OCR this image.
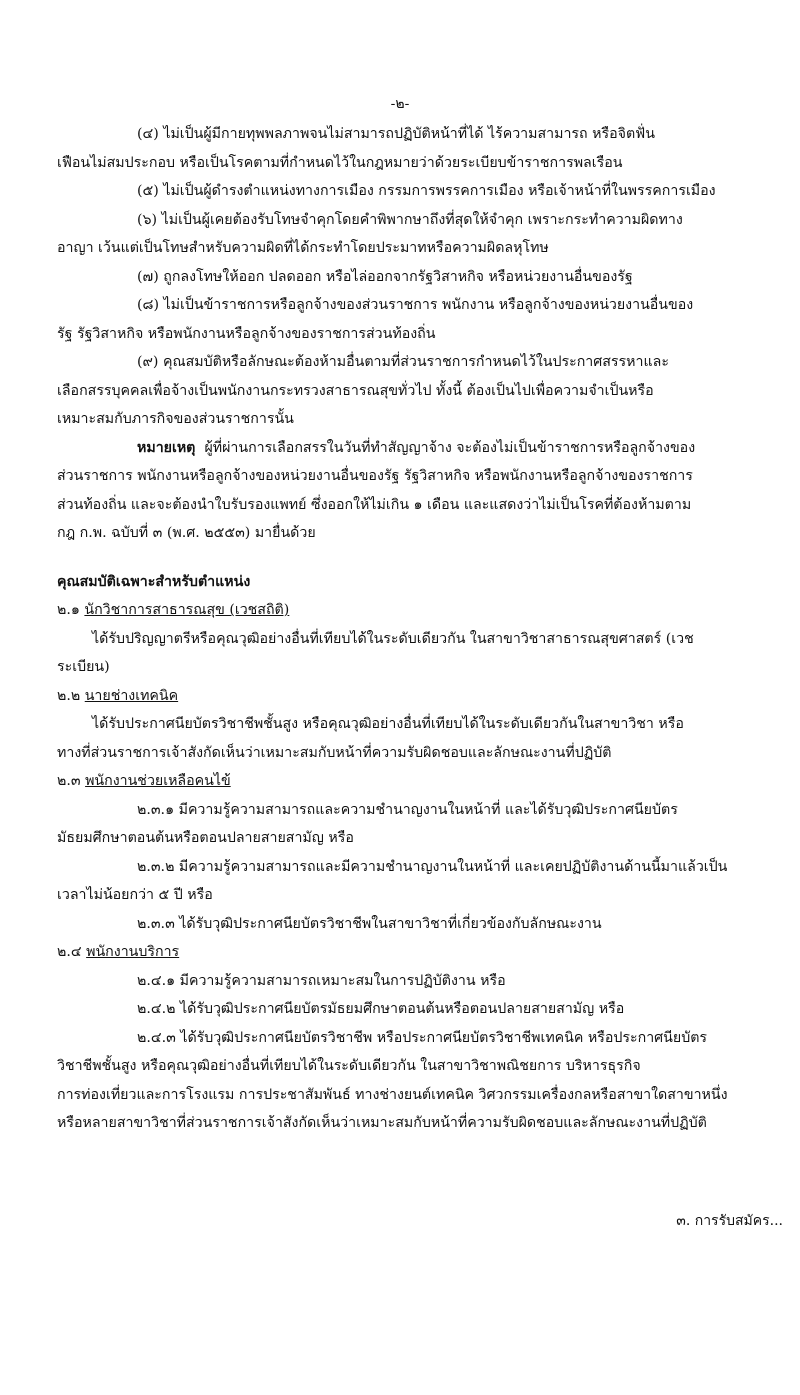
-๒-

(๔) ไม่เป็นผู้มีกายทุพพลภาพจนไม่สามารถปฏิบัติหน้าที่ได้ ไร้ความสามารถ หรือจิตฟั่น

เฟือนไม่สมประกอบ หรือเป็นโรคตามที่กำหนดไว้ในกฎหมายว่าด้วยระเบียบข้าราชการพลเรือน

(๕) ไม่เป็นผู้ดำรงตำแหน่งทางการเมือง กรรมการพรรคการเมือง หรือเจ้าหน้าที่ในพรรคการเมือง

(๖) ไม่เป็นผู้เคยต้องรับโทษจำคุกโดยคำพิพากษาถึงที่สุดให้จำคุก เพราะกระทำความผิดทาง

อาญา เว้นแต่เป็นโทษสำหรับความผิดที่ได้กระทำโดยประมาทหรือความผิดลหุโทษ

(๗) ถูกลงโทษให้ออก ปลดออก หรือไล่ออกจากรัฐวิสาหกิจ หรือหน่วยงานอื่นของรัฐ

(๘) ไม่เป็นข้าราชการหรือลูกจ้างของส่วนราชการ พนักงาน หรือลูกจ้างของหน่วยงานอื่นของ

รัฐ รัฐวิสาหกิจ หรือพนักงานหรือลูกจ้างของราชการส่วนท้องถิ่น

(๙) คุณสมบัติหรือลักษณะต้องห้ามอื่นตามที่ส่วนราชการกำหนดไว้ในประกาศสรรหาและ

เลือกสรรบุคคลเพื่อจ้างเป็นพนักงานกระทรวงสาธารณสุขทั่วไป ทั้งนี้ ต้องเป็นไปเพื่อความจำเป็นหรือ

เหมาะสมกับภารกิจของส่วนราชการนั้น

หมายเหตุ ผู้ที่ผ่านการเลือกสรรในวันที่ทำสัญญาจ้าง จะต้องไม่เป็นข้าราชการหรือลูกจ้างของ

ส่วนราชการ พนักงานหรือลูกจ้างของหน่วยงานอื่นของรัฐ รัฐวิสาหกิจ หรือพนักงานหรือลูกจ้างของราชการ

ส่วนท้องถิ่น และจะต้องนำใบรับรองแพทย์ ซึ่งออกให้ไม่เกิน ๑ เดือน และแสดงว่าไม่เป็นโรคที่ต้องห้ามตาม

กฎ ก.พ. ฉบับที่ ๓ (พ.ศ. ๒๕๕๓) มายื่นด้วย

คุณสมบัติเฉพาะสำหรับตำแหน่ง

๒.๑ นักวิชาการสาธารณสุข (เวชสถิติ)

ได้รับปริญญาตรีหรือคุณวุฒิอย่างอื่นที่เทียบได้ในระดับเดียวกัน ในสาขาวิชาสาธารณสุขศาสตร์ (เวช

ระเบียน)

๒.๒ นายช่างเทคนิค

ได้รับประกาศนียบัตรวิชาชีพชั้นสูง หรือคุณวุฒิอย่างอื่นที่เทียบได้ในระดับเดียวกันในสาขาวิชา หรือ

ทางที่ส่วนราชการเจ้าสังกัดเห็นว่าเหมาะสมกับหน้าที่ความรับผิดชอบและลักษณะงานที่ปฏิบัติ

๒.๓ พนักงานช่วยเหลือคนไข้

๒.๓.๑ มีความรู้ความสามารถและความชำนาญงานในหน้าที่ และได้รับวุฒิประกาศนียบัตร

มัธยมศึกษาตอนต้นหรือตอนปลายสายสามัญ หรือ

๒.๓.๒ มีความรู้ความสามารถและมีความชำนาญงานในหน้าที่ และเคยปฏิบัติงานด้านนี้มาแล้วเป็น

เวลาไม่น้อยกว่า ๕ ปี หรือ

๒.๓.๓ ได้รับวุฒิประกาศนียบัตรวิชาชีพในสาขาวิชาที่เกี่ยวข้องกับลักษณะงาน

๒.๔ พนักงานบริการ

๒.๔.๑ มีความรู้ความสามารถเหมาะสมในการปฏิบัติงาน หรือ

๒.๔.๒ ได้รับวุฒิประกาศนียบัตรมัธยมศึกษาตอนต้นหรือตอนปลายสายสามัญ หรือ

๒.๔.๓ ได้รับวุฒิประกาศนียบัตรวิชาชีพ หรือประกาศนียบัตรวิชาชีพเทคนิค หรือประกาศนียบัตร

วิชาชีพชั้นสูง หรือคุณวุฒิอย่างอื่นที่เทียบได้ในระดับเดียวกัน ในสาขาวิชาพณิชยการ บริหารธุรกิจ

การท่องเที่ยวและการโรงแรม การประชาสัมพันธ์ ทางช่างยนต์เทคนิค วิศวกรรมเครื่องกลหรือสาขาใดสาขาหนึ่ง

หรือหลายสาขาวิชาที่ส่วนราชการเจ้าสังกัดเห็นว่าเหมาะสมกับหน้าที่ความรับผิดชอบและลักษณะงานที่ปฏิบัติ

๓. การรับสมัคร...
